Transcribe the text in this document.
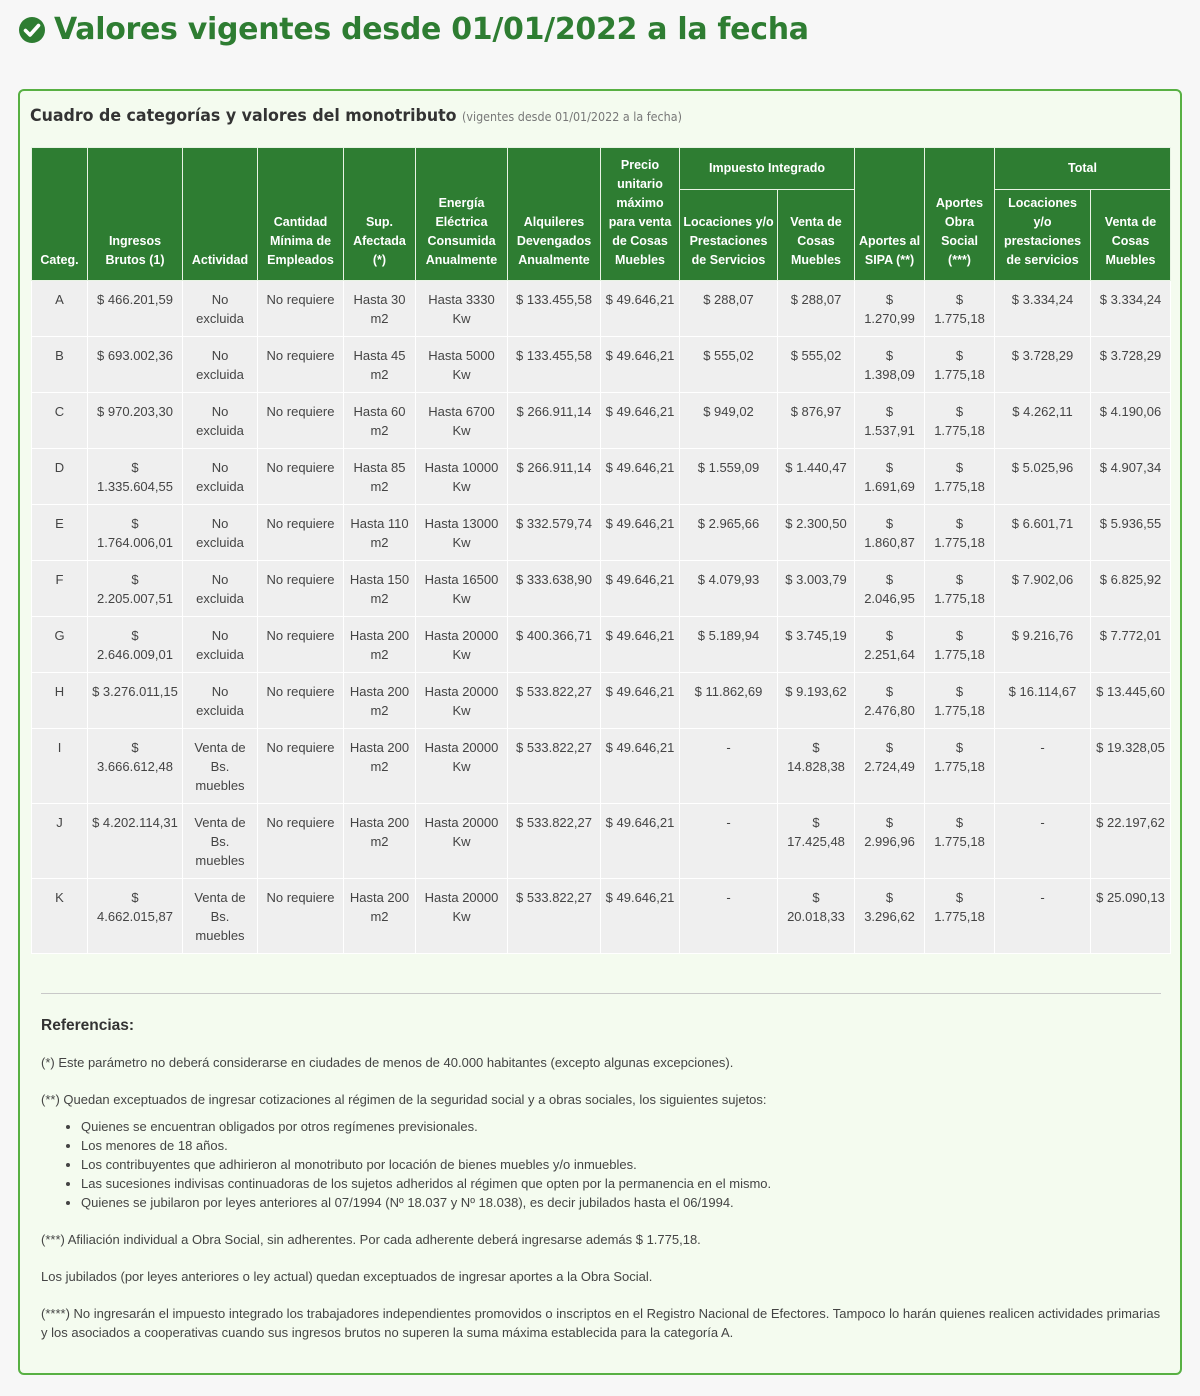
Valores vigentes desde 01/01/2022 a la fecha
Cuadro de categorías y valores del monotributo (vigentes desde 01/01/2022 a la fecha)
Categ.	Ingresos Brutos (1)	Actividad	Cantidad Mínima de Empleados	Sup. Afectada (*)	Energía Eléctrica Consumida Anualmente	Alquileres Devengados Anualmente	Precio unitario máximo para venta de Cosas Muebles	Impuesto Integrado		Aportes al SIPA (**)	Aportes Obra Social (***)	Total	
								Locaciones y/o Prestaciones de Servicios	Venta de Cosas Muebles			Locaciones y/o prestaciones de servicios	Venta de Cosas Muebles
A	$ 466.201,59	No excluida	No requiere	Hasta 30 m2	Hasta 3330 Kw	$ 133.455,58	$ 49.646,21	$ 288,07	$ 288,07	$ 1.270,99	$ 1.775,18	$ 3.334,24	$ 3.334,24
B	$ 693.002,36	No excluida	No requiere	Hasta 45 m2	Hasta 5000 Kw	$ 133.455,58	$ 49.646,21	$ 555,02	$ 555,02	$ 1.398,09	$ 1.775,18	$ 3.728,29	$ 3.728,29
C	$ 970.203,30	No excluida	No requiere	Hasta 60 m2	Hasta 6700 Kw	$ 266.911,14	$ 49.646,21	$ 949,02	$ 876,97	$ 1.537,91	$ 1.775,18	$ 4.262,11	$ 4.190,06
D	$ 1.335.604,55	No excluida	No requiere	Hasta 85 m2	Hasta 10000 Kw	$ 266.911,14	$ 49.646,21	$ 1.559,09	$ 1.440,47	$ 1.691,69	$ 1.775,18	$ 5.025,96	$ 4.907,34
E	$ 1.764.006,01	No excluida	No requiere	Hasta 110 m2	Hasta 13000 Kw	$ 332.579,74	$ 49.646,21	$ 2.965,66	$ 2.300,50	$ 1.860,87	$ 1.775,18	$ 6.601,71	$ 5.936,55
F	$ 2.205.007,51	No excluida	No requiere	Hasta 150 m2	Hasta 16500 Kw	$ 333.638,90	$ 49.646,21	$ 4.079,93	$ 3.003,79	$ 2.046,95	$ 1.775,18	$ 7.902,06	$ 6.825,92
G	$ 2.646.009,01	No excluida	No requiere	Hasta 200 m2	Hasta 20000 Kw	$ 400.366,71	$ 49.646,21	$ 5.189,94	$ 3.745,19	$ 2.251,64	$ 1.775,18	$ 9.216,76	$ 7.772,01
H	$ 3.276.011,15	No excluida	No requiere	Hasta 200 m2	Hasta 20000 Kw	$ 533.822,27	$ 49.646,21	$ 11.862,69	$ 9.193,62	$ 2.476,80	$ 1.775,18	$ 16.114,67	$ 13.445,60
I	$ 3.666.612,48	Venta de Bs. muebles	No requiere	Hasta 200 m2	Hasta 20000 Kw	$ 533.822,27	$ 49.646,21	-	$ 14.828,38	$ 2.724,49	$ 1.775,18	-	$ 19.328,05
J	$ 4.202.114,31	Venta de Bs. muebles	No requiere	Hasta 200 m2	Hasta 20000 Kw	$ 533.822,27	$ 49.646,21	-	$ 17.425,48	$ 2.996,96	$ 1.775,18	-	$ 22.197,62
K	$ 4.662.015,87	Venta de Bs. muebles	No requiere	Hasta 200 m2	Hasta 20000 Kw	$ 533.822,27	$ 49.646,21	-	$ 20.018,33	$ 3.296,62	$ 1.775,18	-	$ 25.090,13
Referencias:

(*) Este parámetro no deberá considerarse en ciudades de menos de 40.000 habitantes (excepto algunas excepciones).

(**) Quedan exceptuados de ingresar cotizaciones al régimen de la seguridad social y a obras sociales, los siguientes sujetos:

• Quienes se encuentran obligados por otros regímenes previsionales.
• Los menores de 18 años.
• Los contribuyentes que adhirieron al monotributo por locación de bienes muebles y/o inmuebles.
• Las sucesiones indivisas continuadoras de los sujetos adheridos al régimen que opten por la permanencia en el mismo.
• Quienes se jubilaron por leyes anteriores al 07/1994 (Nº 18.037 y Nº 18.038), es decir jubilados hasta el 06/1994.

(***) Afiliación individual a Obra Social, sin adherentes. Por cada adherente deberá ingresarse además $ 1.775,18.

Los jubilados (por leyes anteriores o ley actual) quedan exceptuados de ingresar aportes a la Obra Social.

(****) No ingresarán el impuesto integrado los trabajadores independientes promovidos o inscriptos en el Registro Nacional de Efectores. Tampoco lo harán quienes realicen actividades primarias y los asociados a cooperativas cuando sus ingresos brutos no superen la suma máxima establecida para la categoría A.
